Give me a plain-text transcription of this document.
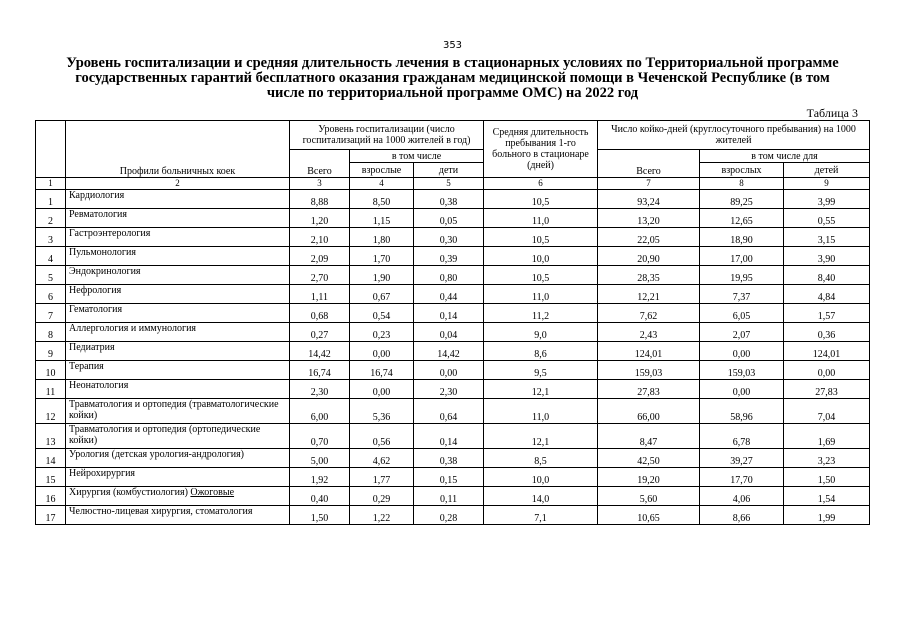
353
Уровень госпитализации и средняя длительность лечения в стационарных условиях по Территориальной программе государственных гарантий бесплатного оказания гражданам медицинской помощи в Чеченской Республике (в том числе по территориальной программе ОМС) на 2022 год
Таблица 3
	Профили больничных коек	Уровень госпитализации (число госпитализаций на 1000 жителей в год)			Средняя длительность пребывания 1-го больного в стационаре (дней)	Число койко-дней (круглосуточного пребывания) на 1000 жителей		
		Всего	в том числе			Всего	в том числе для	
			взрослые	дети			взрослых	детей
1	2	3	4	5	6	7	8	9
1	Кардиология	8,88	8,50	0,38	10,5	93,24	89,25	3,99
2	Ревматология	1,20	1,15	0,05	11,0	13,20	12,65	0,55
3	Гастроэнтерология	2,10	1,80	0,30	10,5	22,05	18,90	3,15
4	Пульмонология	2,09	1,70	0,39	10,0	20,90	17,00	3,90
5	Эндокринология	2,70	1,90	0,80	10,5	28,35	19,95	8,40
6	Нефрология	1,11	0,67	0,44	11,0	12,21	7,37	4,84
7	Гематология	0,68	0,54	0,14	11,2	7,62	6,05	1,57
8	Аллергология и иммунология	0,27	0,23	0,04	9,0	2,43	2,07	0,36
9	Педиатрия	14,42	0,00	14,42	8,6	124,01	0,00	124,01
10	Терапия	16,74	16,74	0,00	9,5	159,03	159,03	0,00
11	Неонатология	2,30	0,00	2,30	12,1	27,83	0,00	27,83
12	Травматология и ортопедия (травматологические койки)	6,00	5,36	0,64	11,0	66,00	58,96	7,04
13	Травматология и ортопедия (ортопедические койки)	0,70	0,56	0,14	12,1	8,47	6,78	1,69
14	Урология (детская урология-андрология)	5,00	4,62	0,38	8,5	42,50	39,27	3,23
15	Нейрохирургия	1,92	1,77	0,15	10,0	19,20	17,70	1,50
16	Хирургия (комбустиология) Ожоговые	0,40	0,29	0,11	14,0	5,60	4,06	1,54
17	Челюстно-лицевая хирургия, стоматология	1,50	1,22	0,28	7,1	10,65	8,66	1,99
